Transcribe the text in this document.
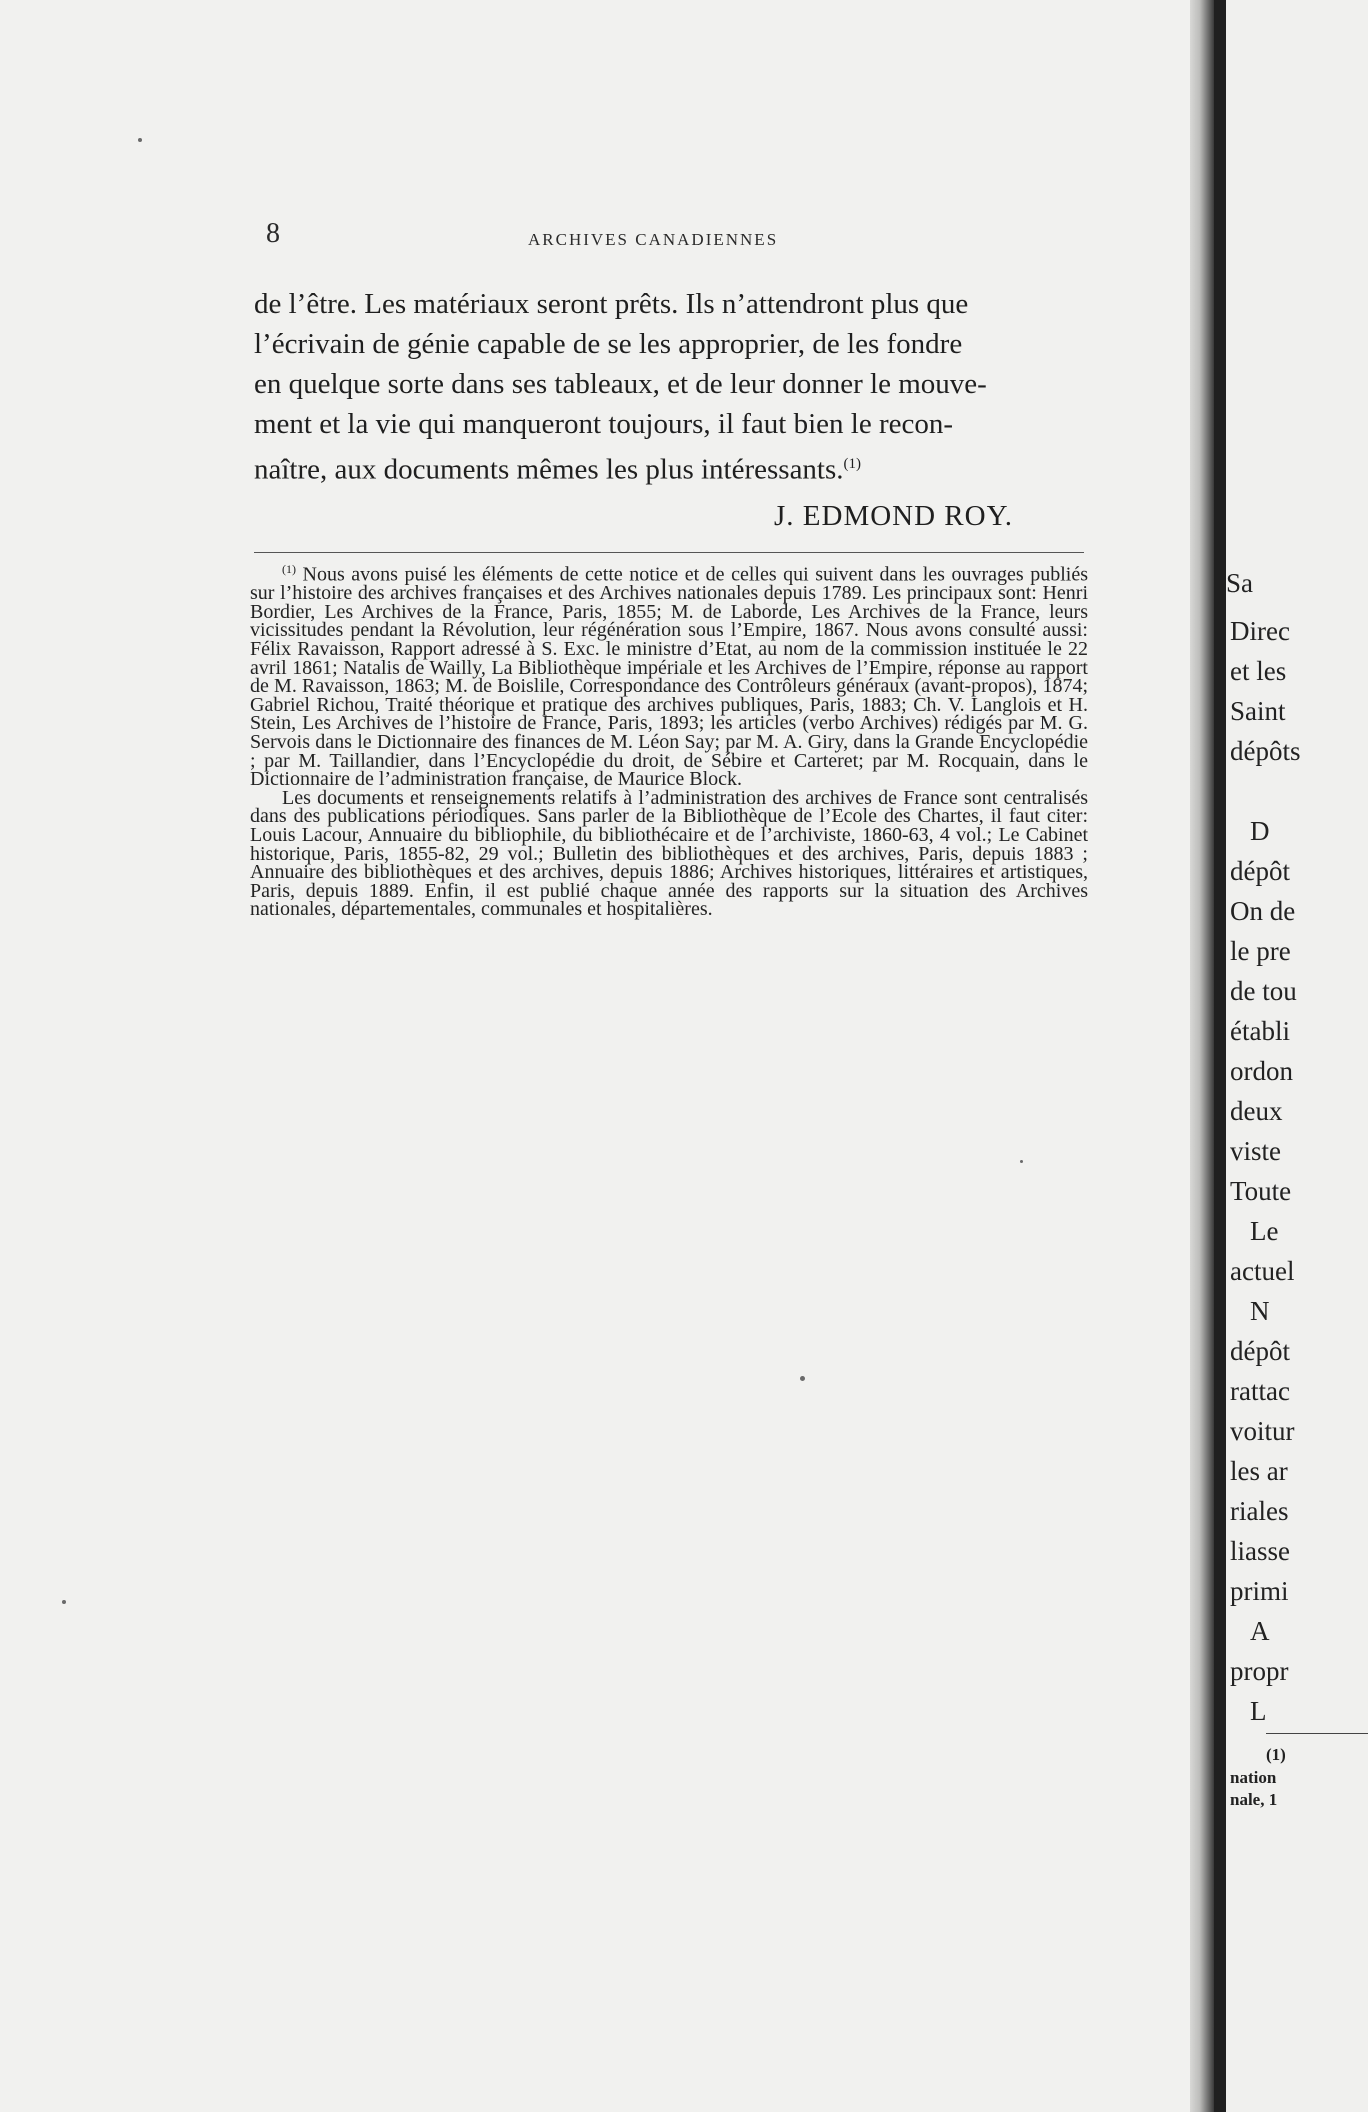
8	ARCHIVES CANADIENNES

de l’être. Les matériaux seront prêts. Ils n’attendront plus que

l’écrivain de génie capable de se les approprier, de les fondre

en quelque sorte dans ses tableaux, et de leur donner le mouve-

ment et la vie qui manqueront toujours, il faut bien le recon-

naître, aux documents mêmes les plus intéressants.$^{(1)}$

J. EDMOND ROY.

$^{(1)}$ Nous avons puisé les éléments de cette notice et de celles qui suivent dans les ouvrages publiés sur l’histoire des archives françaises et des Archives nationales depuis 1789. Les principaux sont: Henri Bordier, Les Archives de la France, Paris, 1855; M. de Laborde, Les Archives de la France, leurs vicissitudes pendant la Révolution, leur régénération sous l’Empire, 1867. Nous avons consulté aussi: Félix Ravaisson, Rapport adressé à S. Exc. le ministre d’Etat, au nom de la commission instituée le 22 avril 1861; Natalis de Wailly, La Bibliothèque impériale et les Archives de l’Empire, réponse au rapport de M. Ravaisson, 1863; M. de Boislile, Correspondance des Contrôleurs généraux (avant-propos), 1874; Gabriel Richou, Traité théorique et pratique des archives publiques, Paris, 1883; Ch. V. Langlois et H. Stein, Les Archives de l’histoire de France, Paris, 1893; les articles (verbo Archives) rédigés par M. G. Servois dans le Dictionnaire des finances de M. Léon Say; par M. A. Giry, dans la Grande Encyclopédie ; par M. Taillandier, dans l’Encyclopédie du droit, de Sébire et Carteret; par M. Rocquain, dans le Dictionnaire de l’administration française, de Maurice Block.

Les documents et renseignements relatifs à l’administration des archives de France sont centralisés dans des publications périodiques. Sans parler de la Bibliothèque de l’Ecole des Chartes, il faut citer: Louis Lacour, Annuaire du bibliophile, du bibliothécaire et de l’archiviste, 1860-63, 4 vol.; Le Cabinet historique, Paris, 1855-82, 29 vol.; Bulletin des bibliothèques et des archives, Paris, depuis 1883 ; Annuaire des bibliothèques et des archives, depuis 1886; Archives historiques, littéraires et artistiques, Paris, depuis 1889. Enfin, il est publié chaque année des rapports sur la situation des Archives nationales, départementales, communales et hospitalières.

Sa
Direc
et les
Saint
dépôts
D
dépôt
On de
le pre
de tou
établi
ordon
deux
viste
Toute
Le
actuel
N
dépôt
rattac
voitur
les ar
riales
liasse
primi
A
propr
L
(1)
nation
nale, 1
